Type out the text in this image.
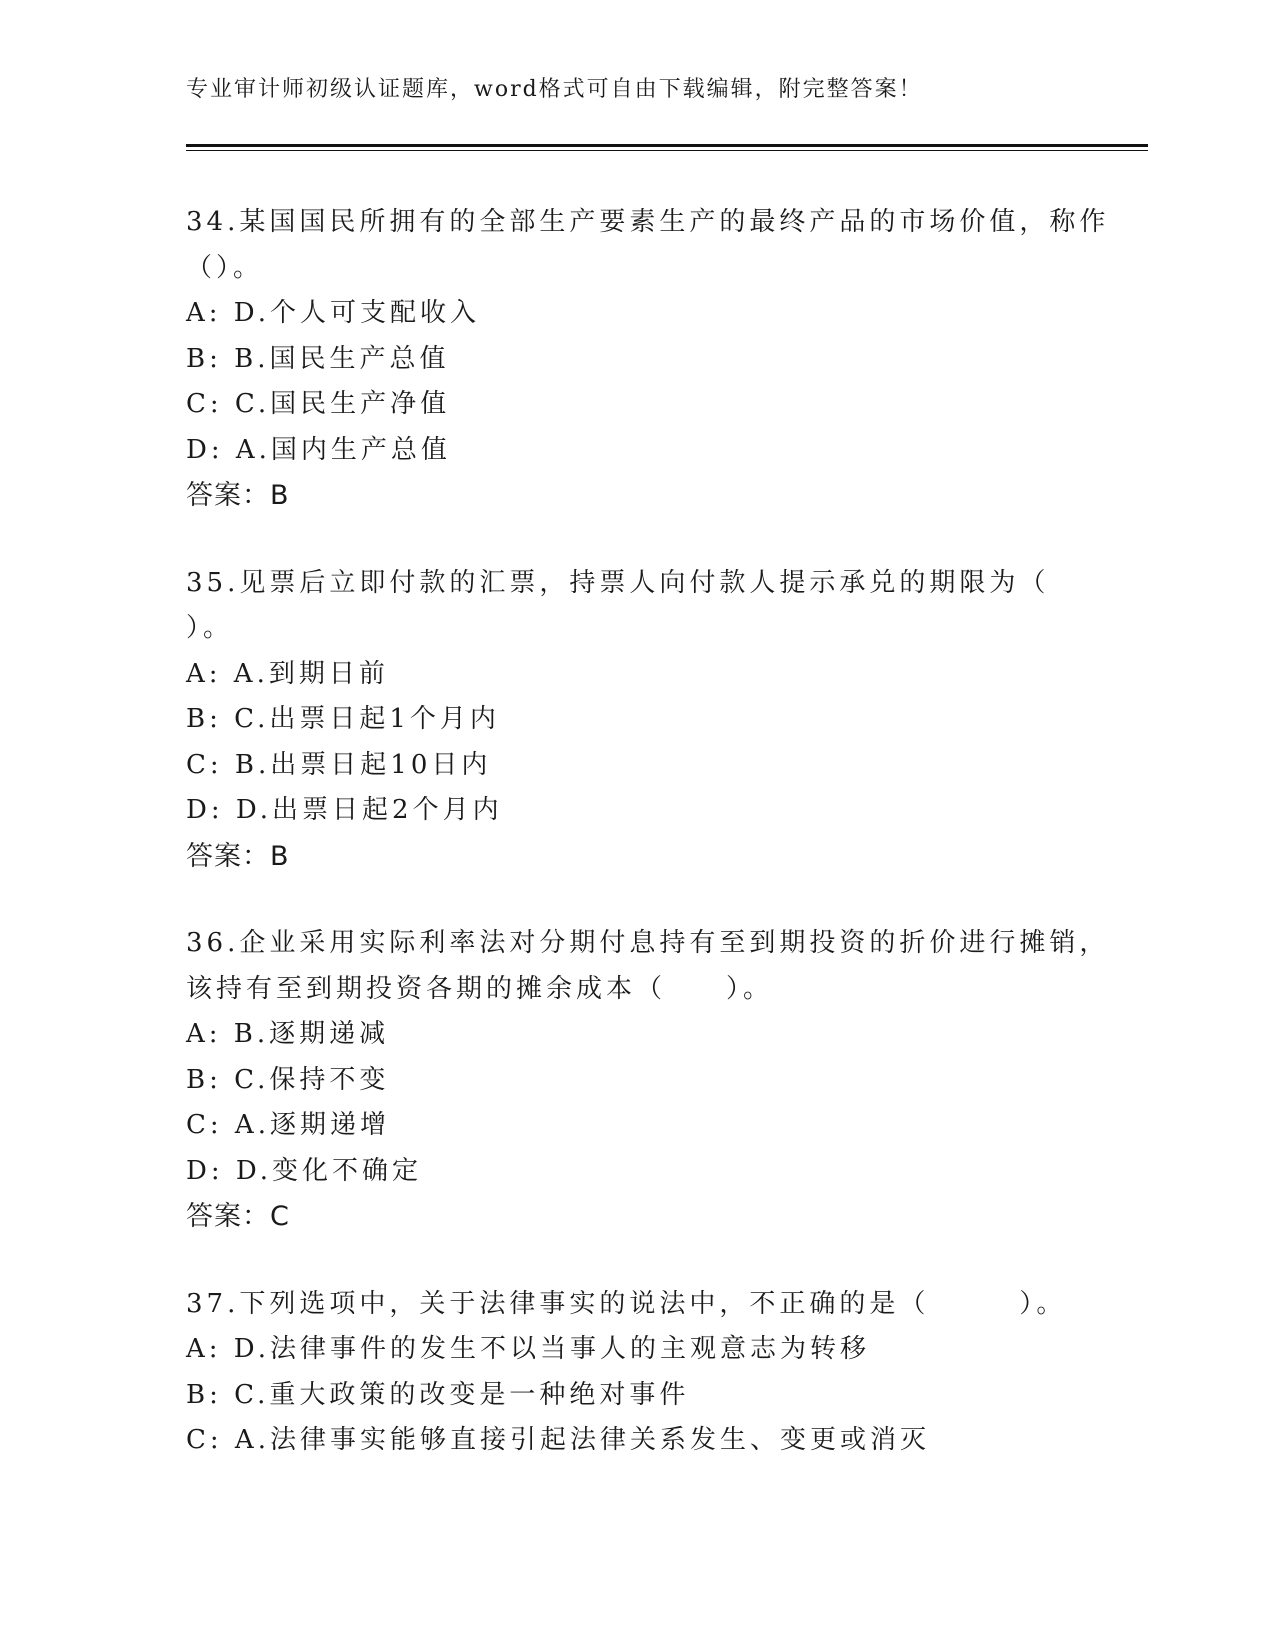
专业审计师初级认证题库，word格式可自由下载编辑，附完整答案！
34.某国国民所拥有的全部生产要素生产的最终产品的市场价值，称作
（）。
A: D.个人可支配收入
B: B.国民生产总值
C: C.国民生产净值
D: A.国内生产总值
答案：B
35.见票后立即付款的汇票，持票人向付款人提示承兑的期限为（
）。
A: A.到期日前
B: C.出票日起1个月内
C: B.出票日起10日内
D: D.出票日起2个月内
答案：B
36.企业采用实际利率法对分期付息持有至到期投资的折价进行摊销，
该持有至到期投资各期的摊余成本（　　）。
A: B.逐期递减
B: C.保持不变
C: A.逐期递增
D: D.变化不确定
答案：C
37.下列选项中，关于法律事实的说法中，不正确的是（　　　）。
A: D.法律事件的发生不以当事人的主观意志为转移
B: C.重大政策的改变是一种绝对事件
C: A.法律事实能够直接引起法律关系发生、变更或消灭
